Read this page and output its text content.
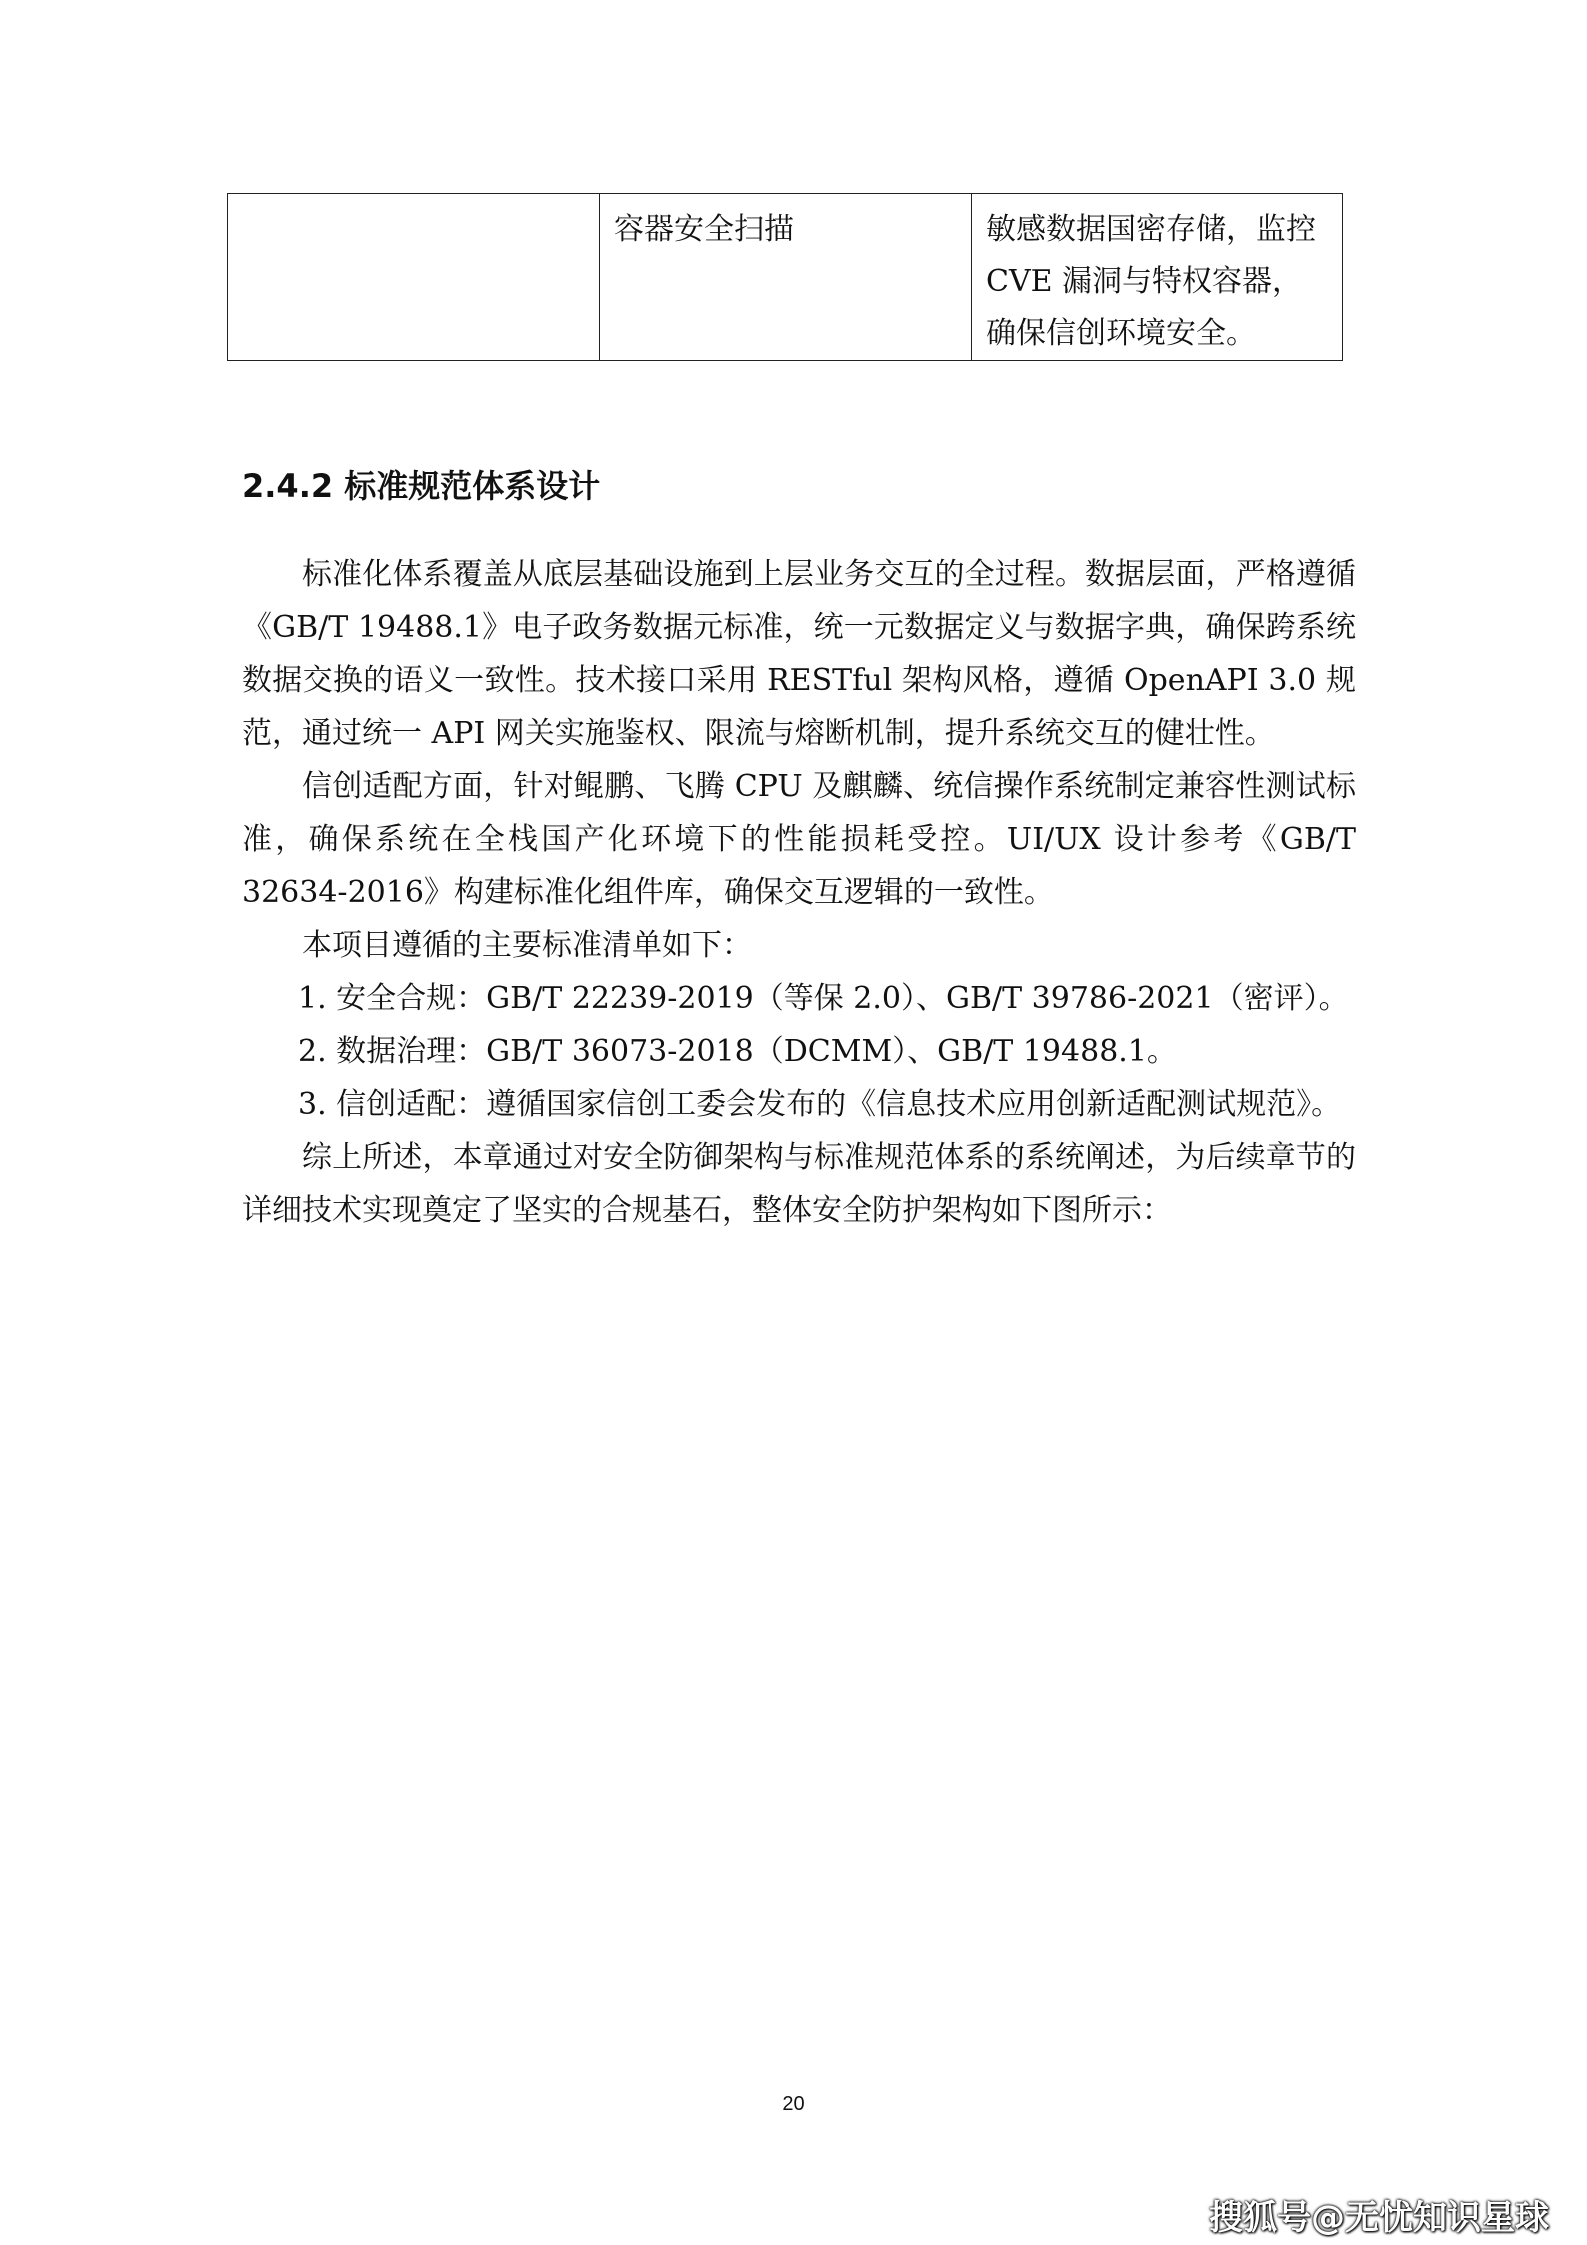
	容器安全扫描	敏感数据国密存储，监控 CVE 漏洞与特权容器，确保信创环境安全。
2.4.2 标准规范体系设计

标准化体系覆盖从底层基础设施到上层业务交互的全过程。数据层面，严格遵循《GB/T 19488.1》电子政务数据元标准，统一元数据定义与数据字典，确保跨系统数据交换的语义一致性。技术接口采用 RESTful 架构风格，遵循 OpenAPI 3.0 规范，通过统一 API 网关实施鉴权、限流与熔断机制，提升系统交互的健壮性。

信创适配方面，针对鲲鹏、飞腾 CPU 及麒麟、统信操作系统制定兼容性测试标准，确保系统在全栈国产化环境下的性能损耗受控。UI/UX 设计参考《GB/T 32634-2016》构建标准化组件库，确保交互逻辑的一致性。

本项目遵循的主要标准清单如下：

1. 安全合规：GB/T 22239-2019（等保 2.0）、GB/T 39786-2021（密评）。

2. 数据治理：GB/T 36073-2018（DCMM）、GB/T 19488.1。

3. 信创适配：遵循国家信创工委会发布的《信息技术应用创新适配测试规范》。

综上所述，本章通过对安全防御架构与标准规范体系的系统阐述，为后续章节的详细技术实现奠定了坚实的合规基石，整体安全防护架构如下图所示：

20
搜狐号@无忧知识星球
